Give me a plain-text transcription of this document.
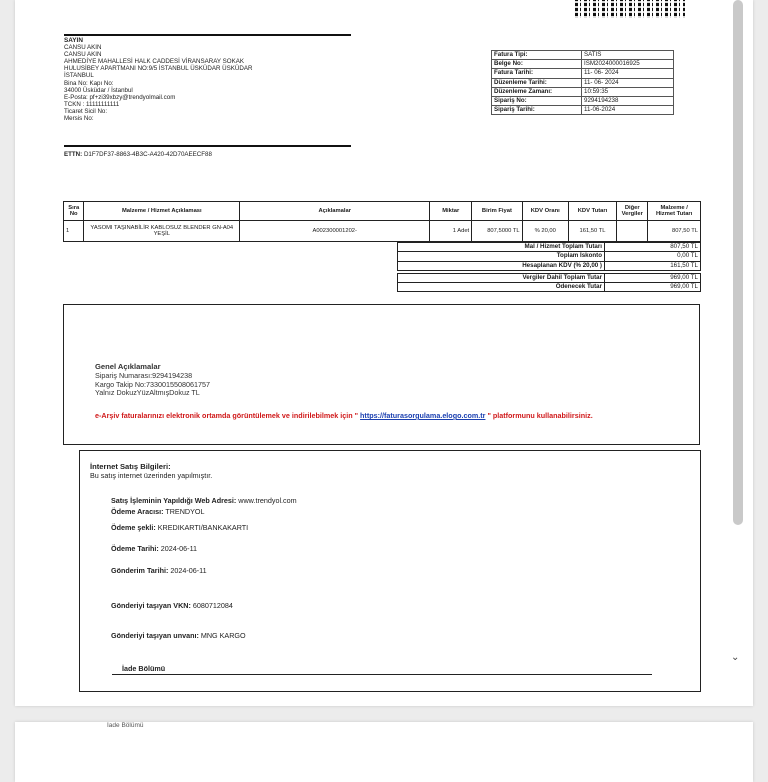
SAYIN
CANSU AKIN
CANSU AKIN
AHMEDİYE MAHALLESİ HALK CADDESİ VİRANSARAY SOKAK
HULUSİBEY APARTMANI NO:9/5 İSTANBUL ÜSKÜDAR ÜSKÜDAR
İSTANBUL
Bina No: Kapı No:
34000 Üsküdar / İstanbul
E-Posta: pf+zi39xbzy@trendyolmail.com
TCKN : 11111111111
Ticaret Sicil No:
Mersis No:
ETTN: D1F7DF37-8863-4B3C-A420-42D70AEECF88
Fatura Tipi:	SATIS
Belge No:	ISM2024000016925
Fatura Tarihi:	11- 06- 2024
Düzenleme Tarihi:	11- 06- 2024
Düzenleme Zamanı:	10:59:35
Sipariş No:	9294194238
Sipariş Tarihi:	11-06-2024
Sıra No	Malzeme / Hizmet Açıklaması	Açıklamalar	Miktar	Birim Fiyat	KDV Oranı	KDV Tutarı	Diğer Vergiler	Malzeme / Hizmet Tutarı
1	YASOMI TAŞINABİLİR KABLOSUZ BLENDER GN-A04 YEŞİL	A002300001202-	1 Adet	807,5000 TL	% 20,00	161,50 TL		807,50 TL
Mal / Hizmet Toplam Tutarı	807,50 TL
Toplam İskonto	0,00 TL
Hesaplanan KDV (% 20,00 )	161,50 TL

Vergiler Dahil Toplam Tutar	969,00 TL
Ödenecek Tutar	969,00 TL
Genel Açıklamalar
Sipariş Numarası:9294194238
Kargo Takip No:7330015508061757
Yalnız DokuzYüzAltmışDokuz TL
e-Arşiv faturalarınızı elektronik ortamda görüntülemek ve indirilebilmek için " https://faturasorgulama.elogo.com.tr " platformunu kullanabilirsiniz.
İnternet Satış Bilgileri:
Bu satış internet üzerinden yapılmıştır.
Satış İşleminin Yapıldığı Web Adresi: www.trendyol.com
Ödeme Aracısı: TRENDYOL
Ödeme şekli: KREDIKARTI/BANKAKARTI
Ödeme Tarihi: 2024-06-11
Gönderim Tarihi: 2024-06-11
Gönderiyi taşıyan VKN: 6080712084
Gönderiyi taşıyan unvanı: MNG KARGO
İade Bölümü
⌄
İade Bölümü
